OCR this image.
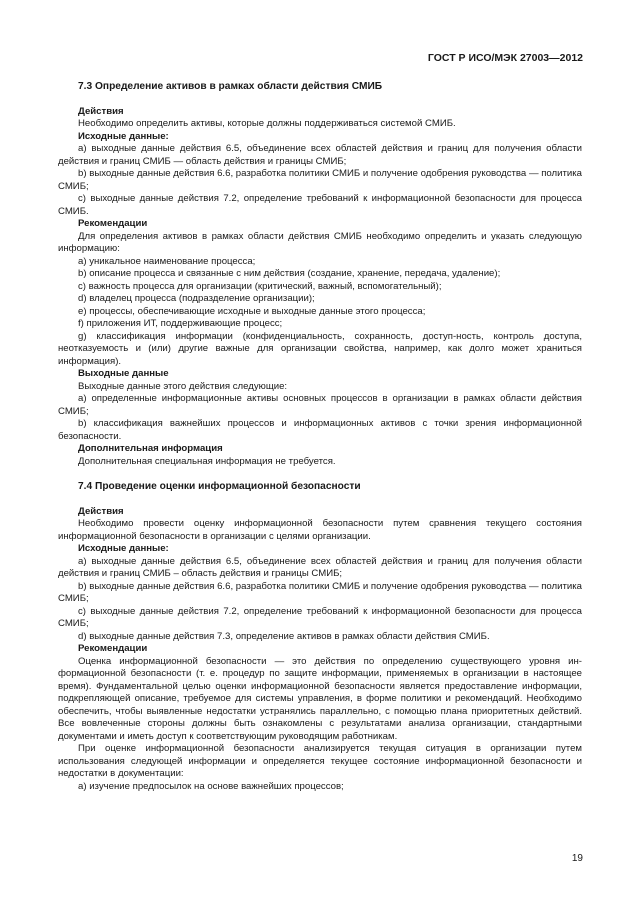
ГОСТ Р ИСО/МЭК 27003—2012
7.3 Определение активов в рамках области действия СМИБ
Действия

Необходимо определить активы, которые должны поддерживаться системой СМИБ.

Исходные данные:

а) выходные данные действия 6.5, объединение всех областей действия и границ для получения области действия и границ СМИБ — область действия и границы СМИБ;

b) выходные данные действия 6.6, разработка политики СМИБ и получение одобрения руководства — политика СМИБ;

c) выходные данные действия 7.2, определение требований к информационной безопасности для процесса СМИБ.

Рекомендации

Для определения активов в рамках области действия СМИБ необходимо определить и указать следующую информацию:

а) уникальное наименование процесса;

b) описание процесса и связанные с ним действия (создание, хранение, передача, удаление);

c) важность процесса для организации (критический, важный, вспомогательный);

d) владелец процесса (подразделение организации);

e) процессы, обеспечивающие исходные и выходные данные этого процесса;

f) приложения ИТ, поддерживающие процесс;

g) классификация информации (конфиденциальность, сохранность, доступ-ность, контроль доступа, неотказуемость и (или) другие важные для организации свойства, например, как долго может храниться информация).

Выходные данные

Выходные данные этого действия следующие:

а) определенные информационные активы основных процессов в организации в рамках области действия СМИБ;

b) классификация важнейших процессов и информационных активов с точки зрения информационной безопасности.

Дополнительная информация

Дополнительная специальная информация не требуется.

7.4 Проведение оценки информационной безопасности
Действия

Необходимо провести оценку информационной безопасности путем сравнения текущего состояния информационной безопасности в организации с целями организации.

Исходные данные:

а) выходные данные действия 6.5, объединение всех областей действия и границ для получения области действия и границ СМИБ – область действия и границы СМИБ;

b) выходные данные действия 6.6, разработка политики СМИБ и получение одобрения руководства — политика СМИБ;

c) выходные данные действия 7.2, определение требований к информационной безопасности для процесса СМИБ;

d) выходные данные действия 7.3, определение активов в рамках области действия СМИБ.

Рекомендации

Оценка информационной безопасности — это действия по определению существующего уровня информационной безопасности (т. е. процедур по защите информации, применяемых в организации в настоящее время). Фундаментальной целью оценки информационной безопасности является предоставление информации, подкрепляющей описание, требуемое для системы управления, в форме политики и рекомендаций. Необходимо обеспечить, чтобы выявленные недостатки устранялись параллельно, с помощью плана приоритетных действий. Все вовлеченные стороны должны быть ознакомлены с результатами анализа организации, стандартными документами и иметь доступ к соответствующим руководящим работникам.

При оценке информационной безопасности анализируется текущая ситуация в организации путем использования следующей информации и определяется текущее состояние информационной безопасности и недостатки в документации:

а) изучение предпосылок на основе важнейших процессов;

19
